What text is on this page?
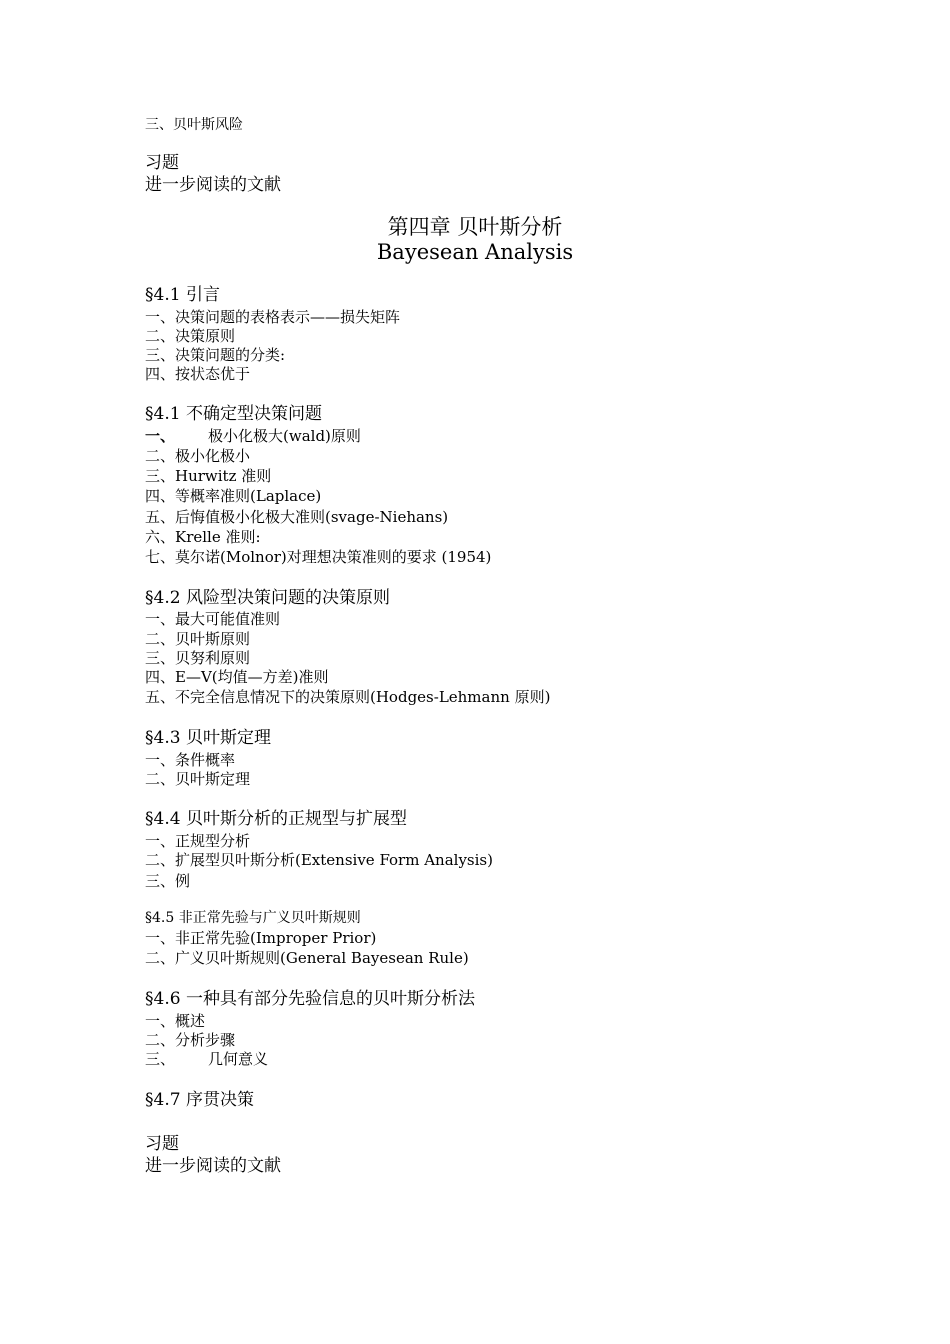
三、贝叶斯风险
习题
进一步阅读的文献
第四章 贝叶斯分析
Bayesean Analysis
§4.1 引言
一、决策问题的表格表示——损失矩阵
二、决策原则
三、决策问题的分类:
四、按状态优于
§4.1 不确定型决策问题
一、 极小化极大(wald)原则
二、极小化极小
三、Hurwitz 准则
四、等概率准则(Laplace)
五、后悔值极小化极大准则(svage-Niehans)
六、Krelle 准则:
七、莫尔诺(Molnor)对理想决策准则的要求 (1954)
§4.2 风险型决策问题的决策原则
一、最大可能值准则
二、贝叶斯原则
三、贝努利原则
四、E—V(均值—方差)准则
五、不完全信息情况下的决策原则(Hodges-Lehmann 原则)
§4.3 贝叶斯定理
一、条件概率
二、贝叶斯定理
§4.4 贝叶斯分析的正规型与扩展型
一、正规型分析
二、扩展型贝叶斯分析(Extensive Form Analysis)
三、例
§4.5 非正常先验与广义贝叶斯规则
一、非正常先验(Improper Prior)
二、广义贝叶斯规则(General Bayesean Rule)
§4.6 一种具有部分先验信息的贝叶斯分析法
一、概述
二、分析步骤
三、 几何意义
§4.7 序贯决策
习题
进一步阅读的文献
